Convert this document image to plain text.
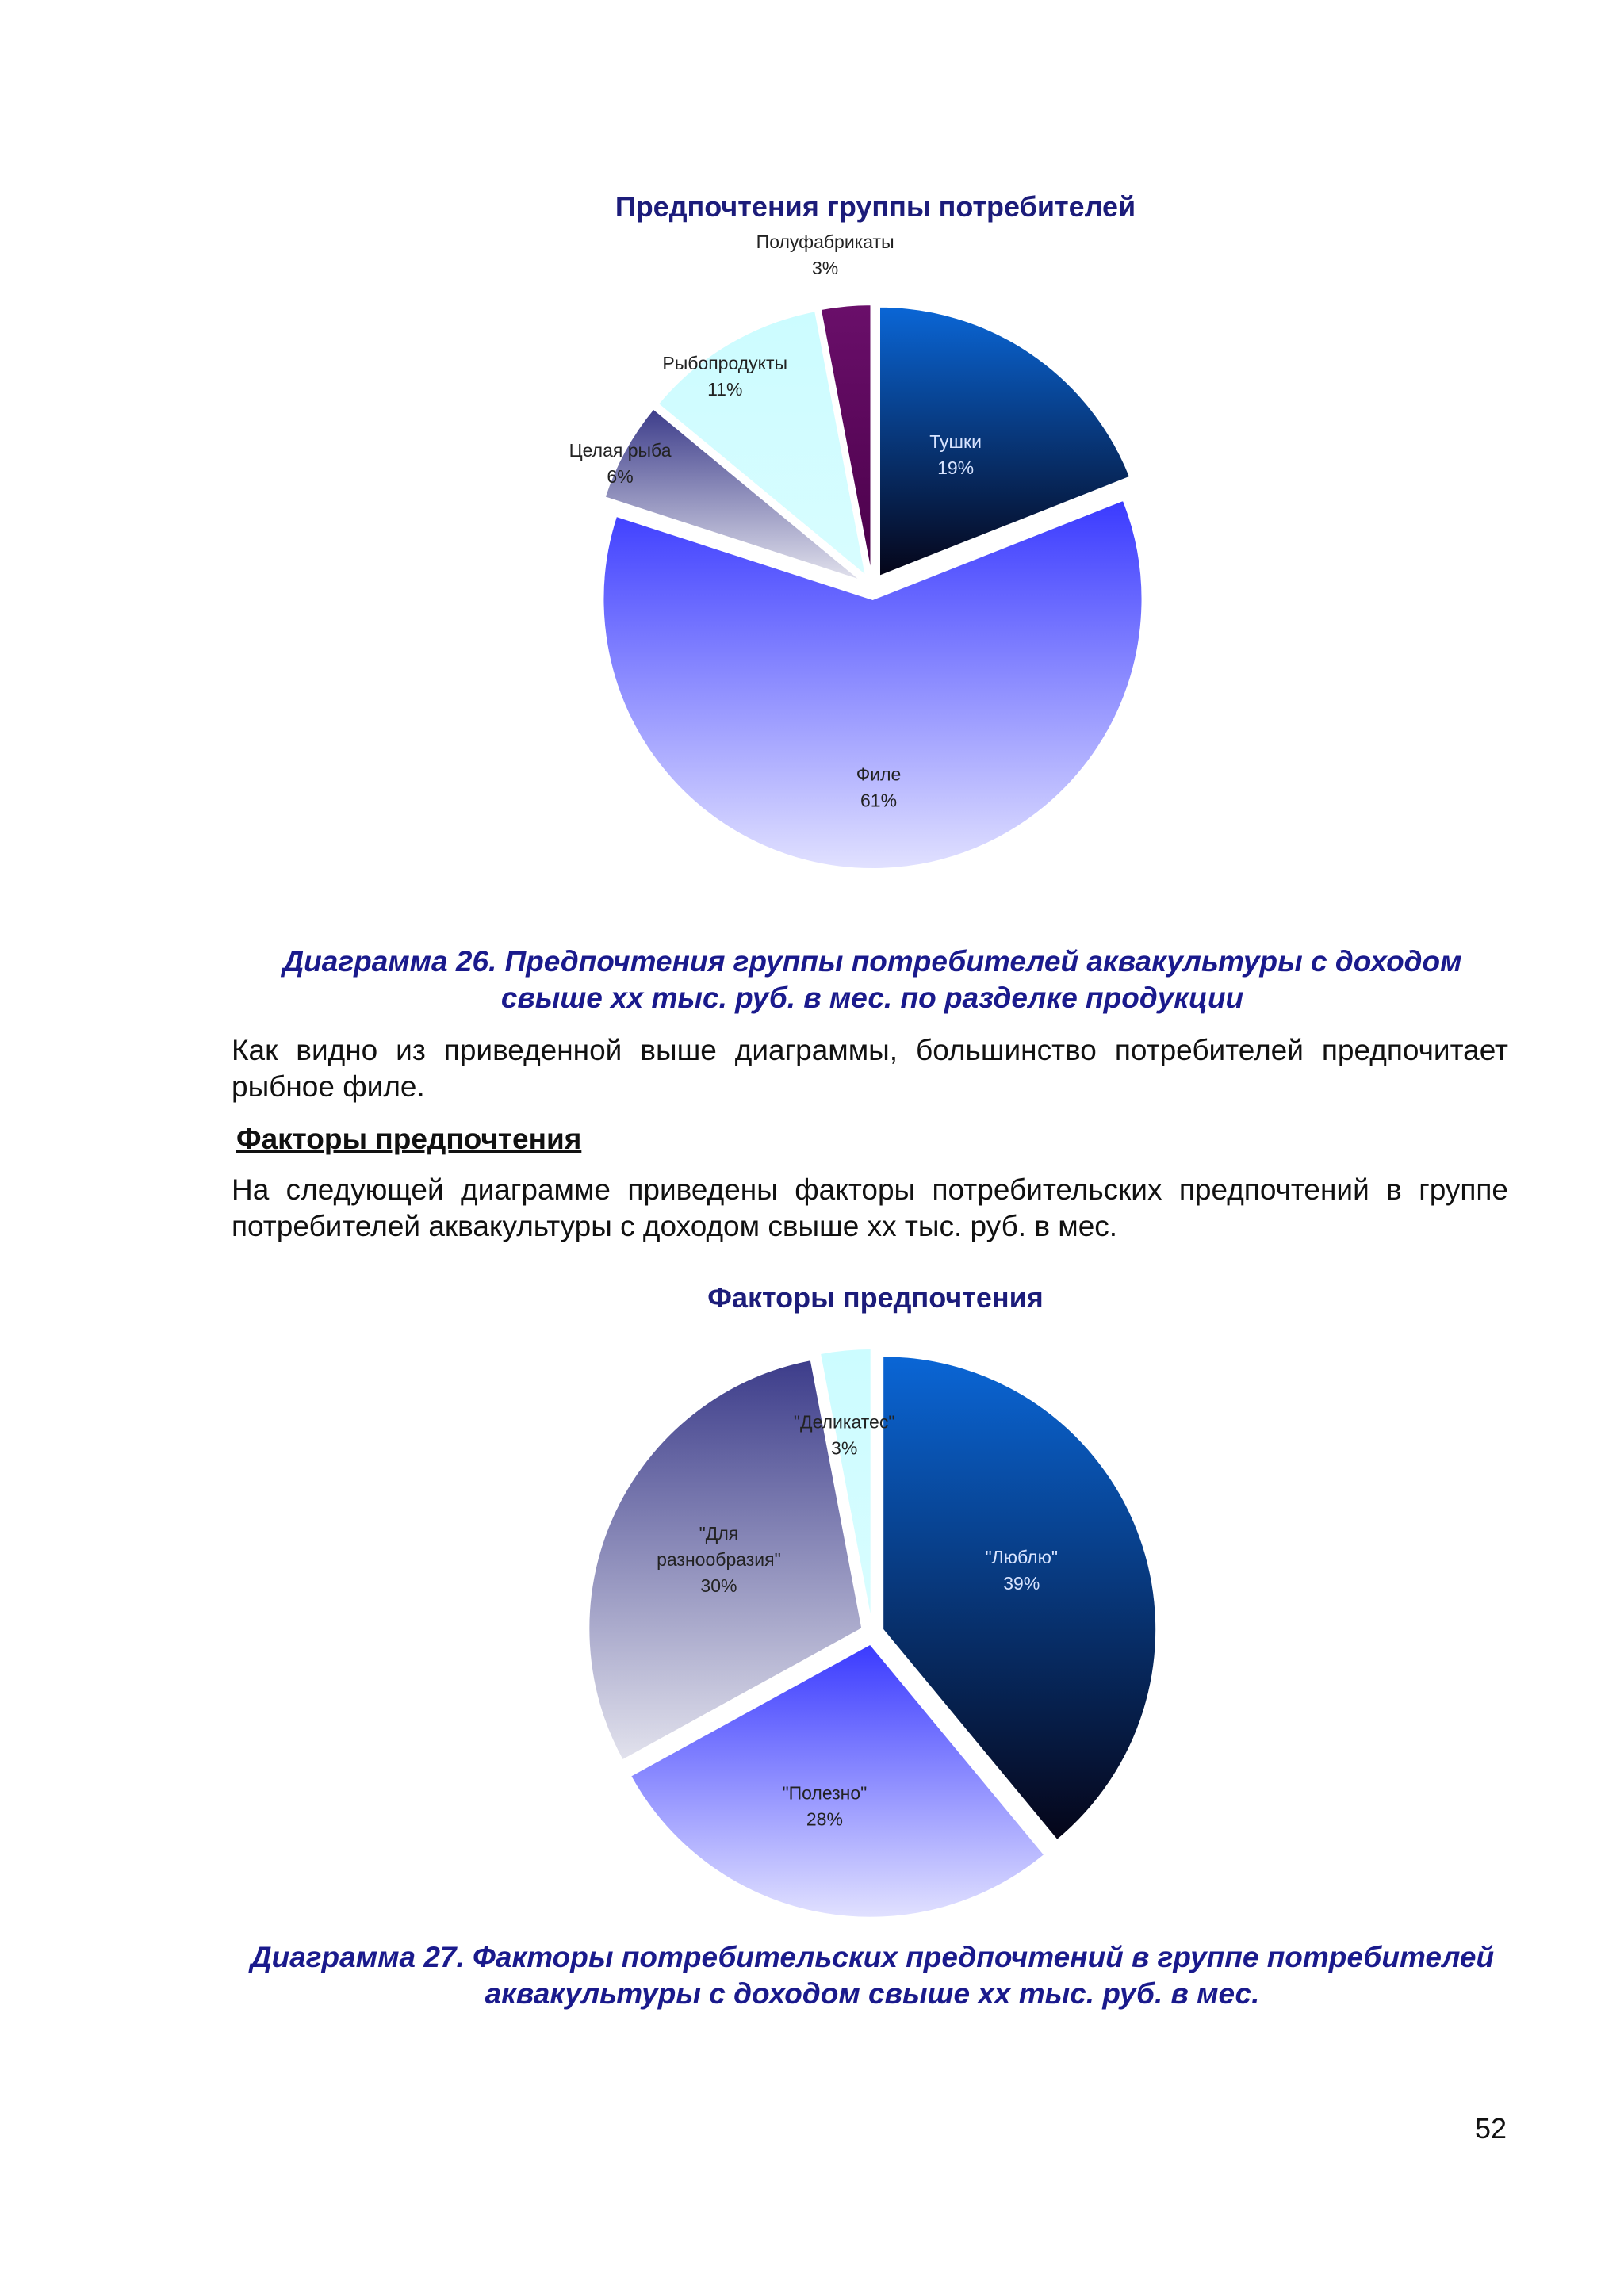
Предпочтения группы потребителей
Тушки
19%
Филе
61%
Целая рыба
6%
Рыбопродукты
11%
Полуфабрикаты
3%
Диаграмма 26. Предпочтения группы потребителей аквакультуры с доходом свыше хх тыс. руб. в мес. по разделке продукции
Как видно из приведенной выше диаграммы, большинство потребителей предпочитает рыбное филе.
Факторы предпочтения
На следующей диаграмме приведены факторы потребительских предпочтений в группе потребителей аквакультуры с доходом свыше хх тыс. руб. в мес.
Факторы предпочтения
"Люблю"
39%
"Полезно"
28%
"Для
разнообразия"
30%
"Деликатес"
3%
Диаграмма 27. Факторы потребительских предпочтений в группе потребителей аквакультуры с доходом свыше хх тыс. руб. в мес.
52
